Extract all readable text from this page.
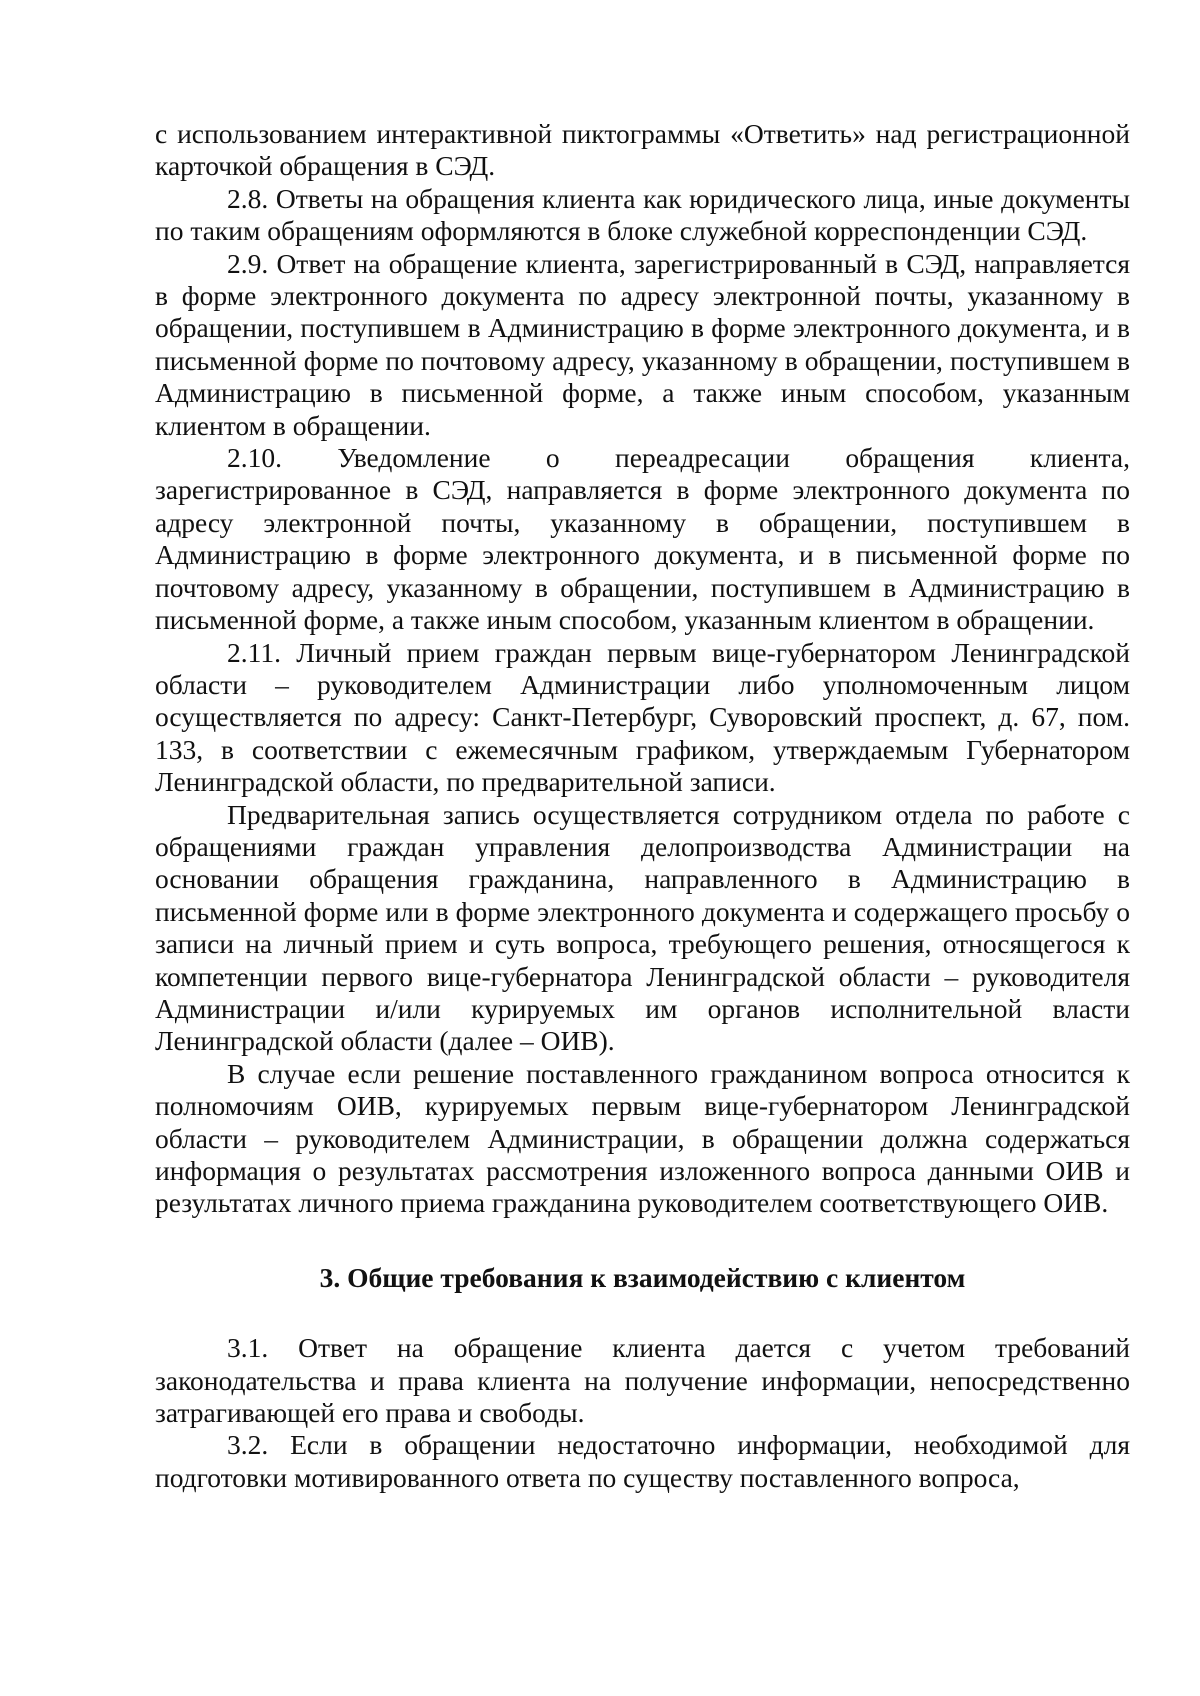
с использованием интерактивной пиктограммы «Ответить» над регистрационной карточкой обращения в СЭД.

2.8. Ответы на обращения клиента как юридического лица, иные документы по таким обращениям оформляются в блоке служебной корреспонденции СЭД.

2.9. Ответ на обращение клиента, зарегистрированный в СЭД, направляется в форме электронного документа по адресу электронной почты, указанному в обращении, поступившем в Администрацию в форме электронного документа, и в письменной форме по почтовому адресу, указанному в обращении, поступившем в Администрацию в письменной форме, а также иным способом, указанным клиентом в обращении.

2.10. Уведомление о переадресации обращения клиента, зарегистрированное в СЭД, направляется в форме электронного документа по адресу электронной почты, указанному в обращении, поступившем в Администрацию в форме электронного документа, и в письменной форме по почтовому адресу, указанному в обращении, поступившем в Администрацию в письменной форме, а также иным способом, указанным клиентом в обращении.

2.11. Личный прием граждан первым вице-губернатором Ленинградской области – руководителем Администрации либо уполномоченным лицом осуществляется по адресу: Санкт-Петербург, Суворовский проспект, д. 67, пом. 133, в соответствии с ежемесячным графиком, утверждаемым Губернатором Ленинградской области, по предварительной записи.

Предварительная запись осуществляется сотрудником отдела по работе с обращениями граждан управления делопроизводства Администрации на основании обращения гражданина, направленного в Администрацию в письменной форме или в форме электронного документа и содержащего просьбу о записи на личный прием и суть вопроса, требующего решения, относящегося к компетенции первого вице-губернатора Ленинградской области – руководителя Администрации и/или курируемых им органов исполнительной власти Ленинградской области (далее – ОИВ).

В случае если решение поставленного гражданином вопроса относится к полномочиям ОИВ, курируемых первым вице-губернатором Ленинградской области – руководителем Администрации, в обращении должна содержаться информация о результатах рассмотрения изложенного вопроса данными ОИВ и результатах личного приема гражданина руководителем соответствующего ОИВ.

3. Общие требования к взаимодействию с клиентом

3.1. Ответ на обращение клиента дается с учетом требований законодательства и права клиента на получение информации, непосредственно затрагивающей его права и свободы.

3.2. Если в обращении недостаточно информации, необходимой для подготовки мотивированного ответа по существу поставленного вопроса,
